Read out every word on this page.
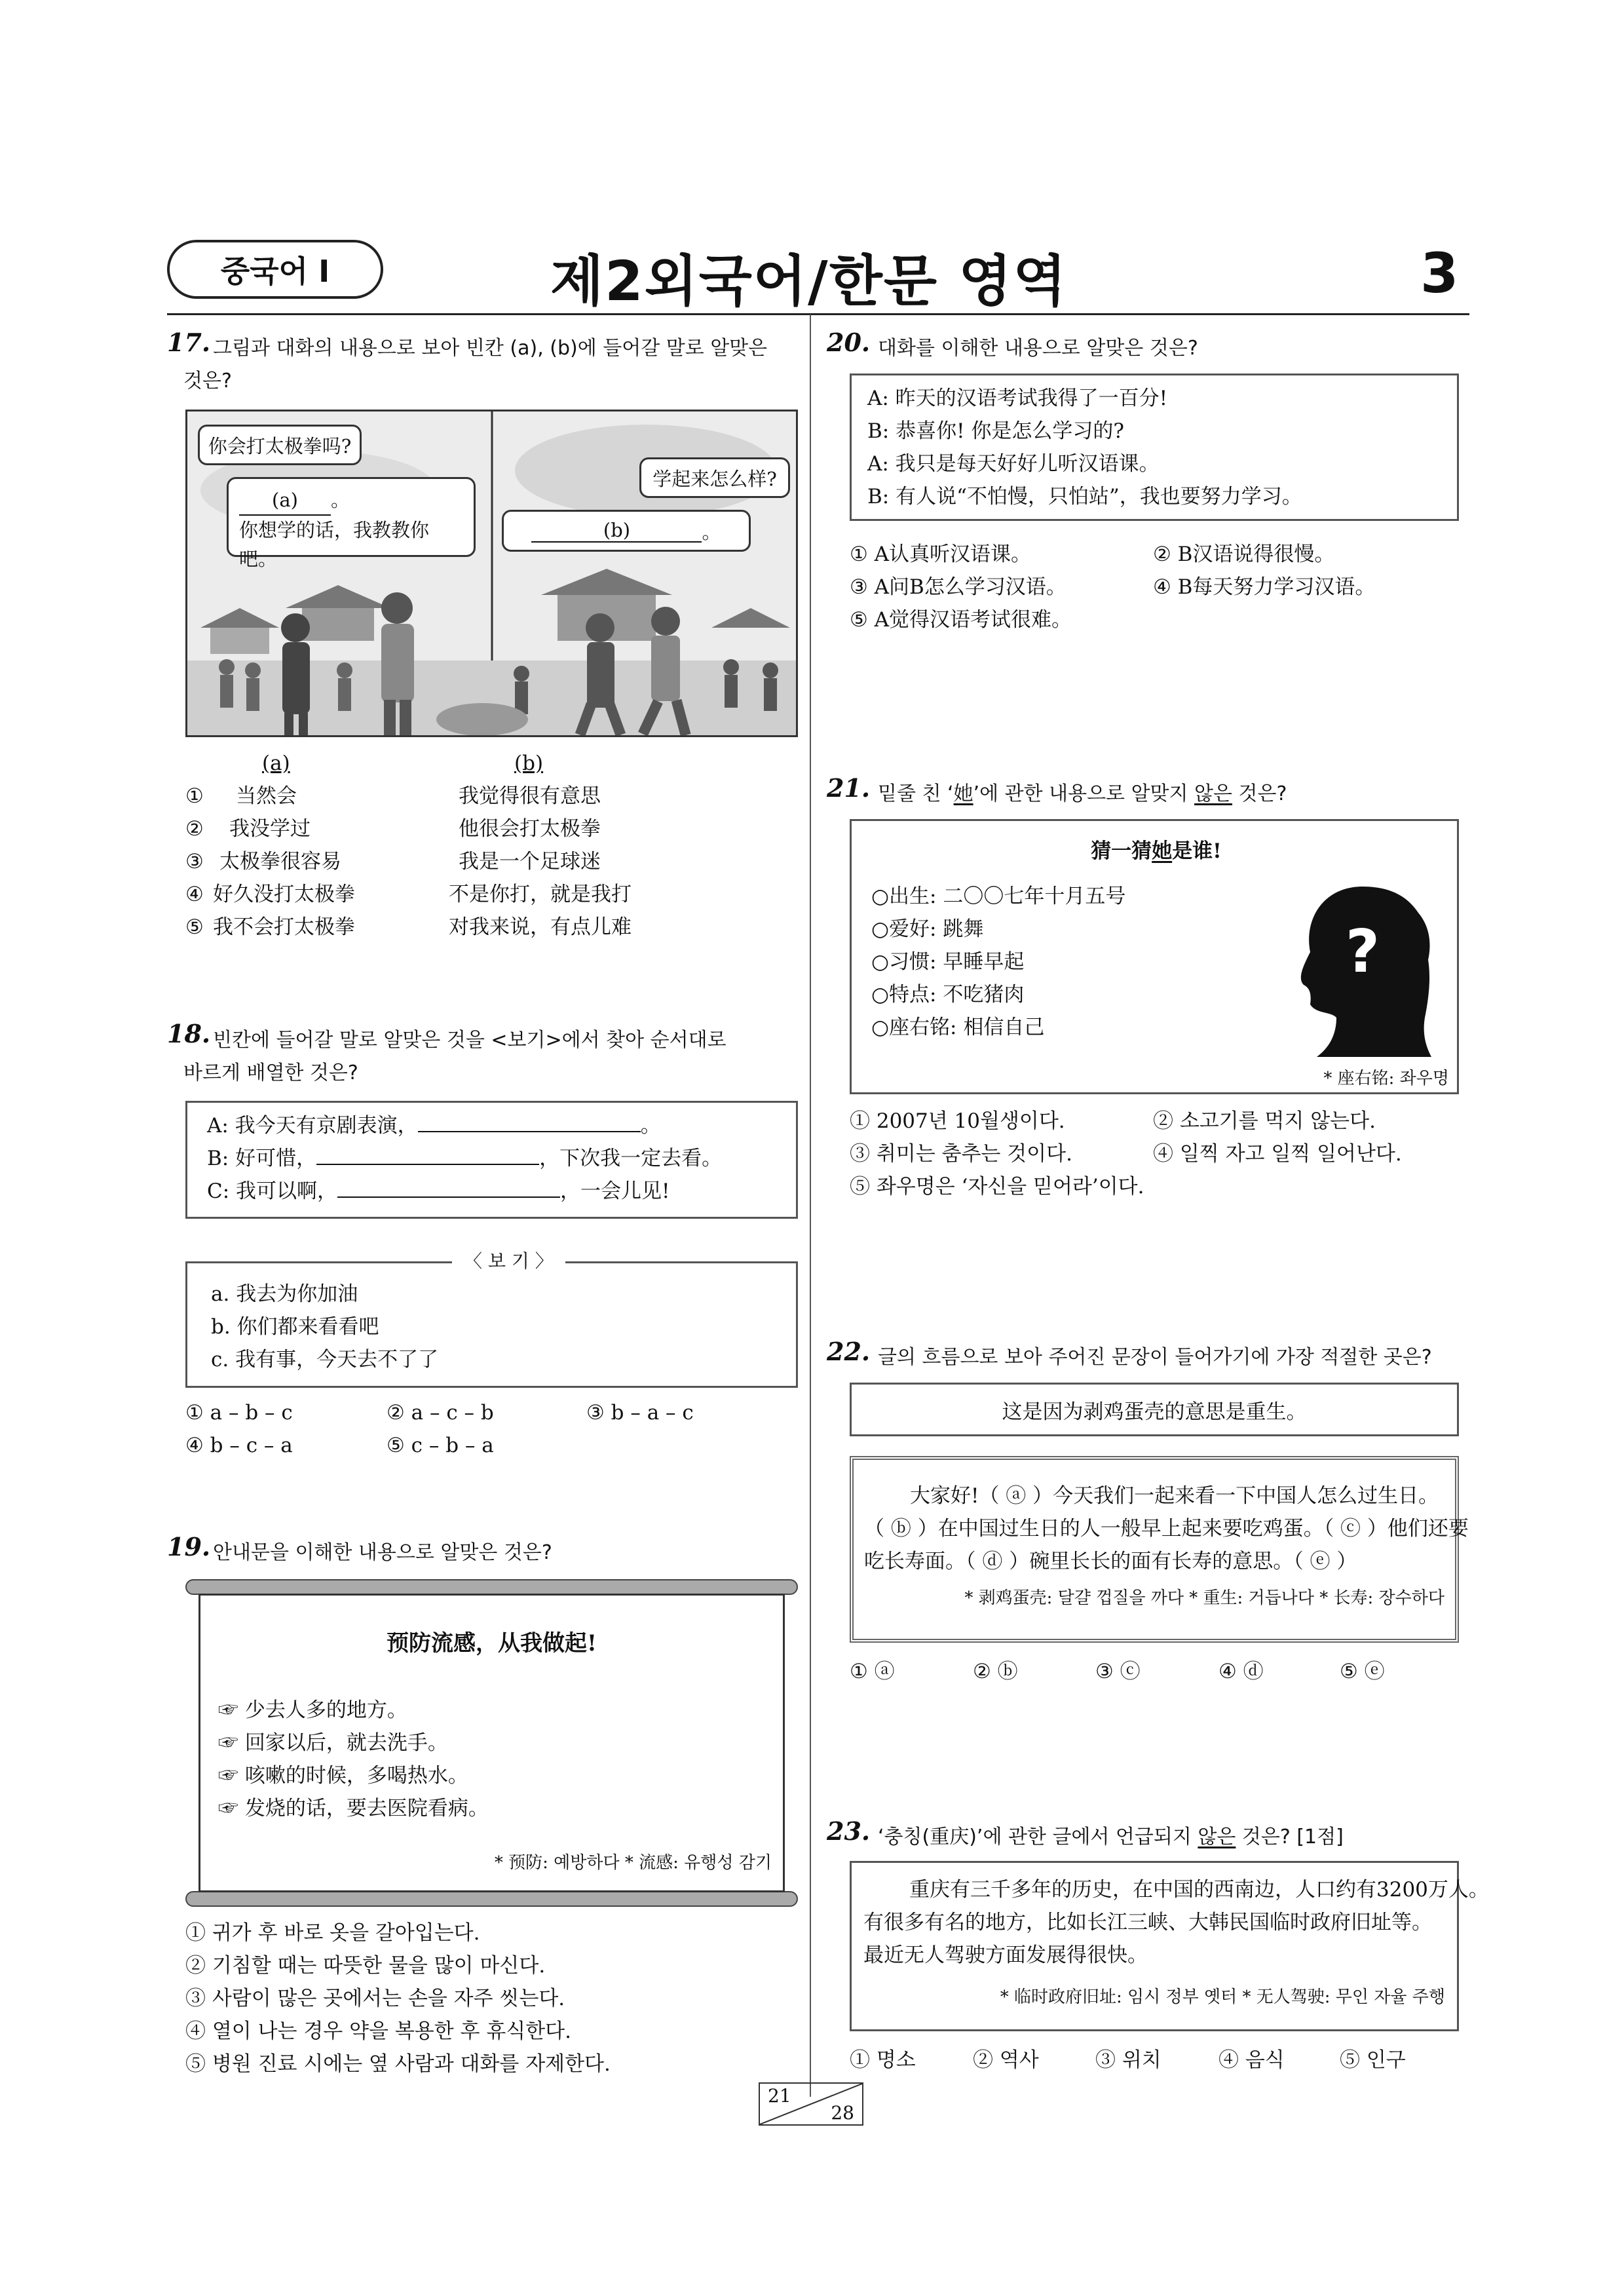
중국어 Ⅰ	제2외국어/한문 영역	3
17. 그림과 대화의 내용으로 보아 빈칸 (a), (b)에 들어갈 말로 알맞은
것은?
你会打太极拳吗?
(a) 。
你想学的话，我教教你吧。
学起来怎么样?
(b)	。
(a)	(b)
① 当然会	我觉得很有意思
② 我没学过	他很会打太极拳
③ 太极拳很容易	我是一个足球迷
④ 好久没打太极拳	不是你打，就是我打
⑤ 我不会打太极拳	对我来说，有点儿难
18. 빈칸에 들어갈 말로 알맞은 것을 <보기>에서 찾아 순서대로
바르게 배열한 것은?
A: 我今天有京剧表演，	。
B: 好可惜，	，下次我一定去看。
C: 我可以啊，	，一会儿见!
a. 我去为你加油
b. 你们都来看看吧
c. 我有事，今天去不了了
〈 보 기 〉
① a – b – c	② a – c – b	③ b – a – c
④ b – c – a	⑤ c – b – a
19. 안내문을 이해한 내용으로 알맞은 것은?
预防流感，从我做起!
☞ 少去人多的地方。
☞ 回家以后，就去洗手。
☞ 咳嗽的时候，多喝热水。
☞ 发烧的话，要去医院看病。
* 预防: 예방하다 * 流感: 유행성 감기
① 귀가 후 바로 옷을 갈아입는다.
② 기침할 때는 따뜻한 물을 많이 마신다.
③ 사람이 많은 곳에서는 손을 자주 씻는다.
④ 열이 나는 경우 약을 복용한 후 휴식한다.
⑤ 병원 진료 시에는 옆 사람과 대화를 자제한다.
20. 대화를 이해한 내용으로 알맞은 것은?
A: 昨天的汉语考试我得了一百分!
B: 恭喜你! 你是怎么学习的?
A: 我只是每天好好儿听汉语课。
B: 有人说“不怕慢，只怕站”，我也要努力学习。
① A认真听汉语课。	② B汉语说得很慢。
③ A问B怎么学习汉语。	④ B每天努力学习汉语。
⑤ A觉得汉语考试很难。
21. 밑줄 친 ‘她’에 관한 내용으로 알맞지 않은 것은?
猜一猜她是谁!
○出生: 二〇〇七年十月五号
○爱好: 跳舞
○习惯: 早睡早起
○特点: 不吃猪肉
○座右铭: 相信自己
?
* 座右铭: 좌우명
① 2007년 10월생이다.	② 소고기를 먹지 않는다.
③ 취미는 춤추는 것이다.	④ 일찍 자고 일찍 일어난다.
⑤ 좌우명은 ‘자신을 믿어라’이다.
22. 글의 흐름으로 보아 주어진 문장이 들어가기에 가장 적절한 곳은?
这是因为剥鸡蛋壳的意思是重生。
大家好!（ ⓐ ）今天我们一起来看一下中国人怎么过生日。
（ ⓑ ）在中国过生日的人一般早上起来要吃鸡蛋。（ ⓒ ）他们还要
吃长寿面。（ ⓓ ）碗里长长的面有长寿的意思。（ ⓔ ）
* 剥鸡蛋壳: 달걀 껍질을 까다 * 重生: 거듭나다 * 长寿: 장수하다
① ⓐ	② ⓑ	③ ⓒ	④ ⓓ	⑤ ⓔ
23. ‘충칭(重庆)’에 관한 글에서 언급되지 않은 것은? [1점]
重庆有三千多年的历史，在中国的西南边，人口约有3200万人。
有很多有名的地方，比如长江三峡、大韩民国临时政府旧址等。
最近无人驾驶方面发展得很快。
* 临时政府旧址: 임시 정부 옛터 * 无人驾驶: 무인 자율 주행
① 명소	② 역사	③ 위치	④ 음식	⑤ 인구
21
28
